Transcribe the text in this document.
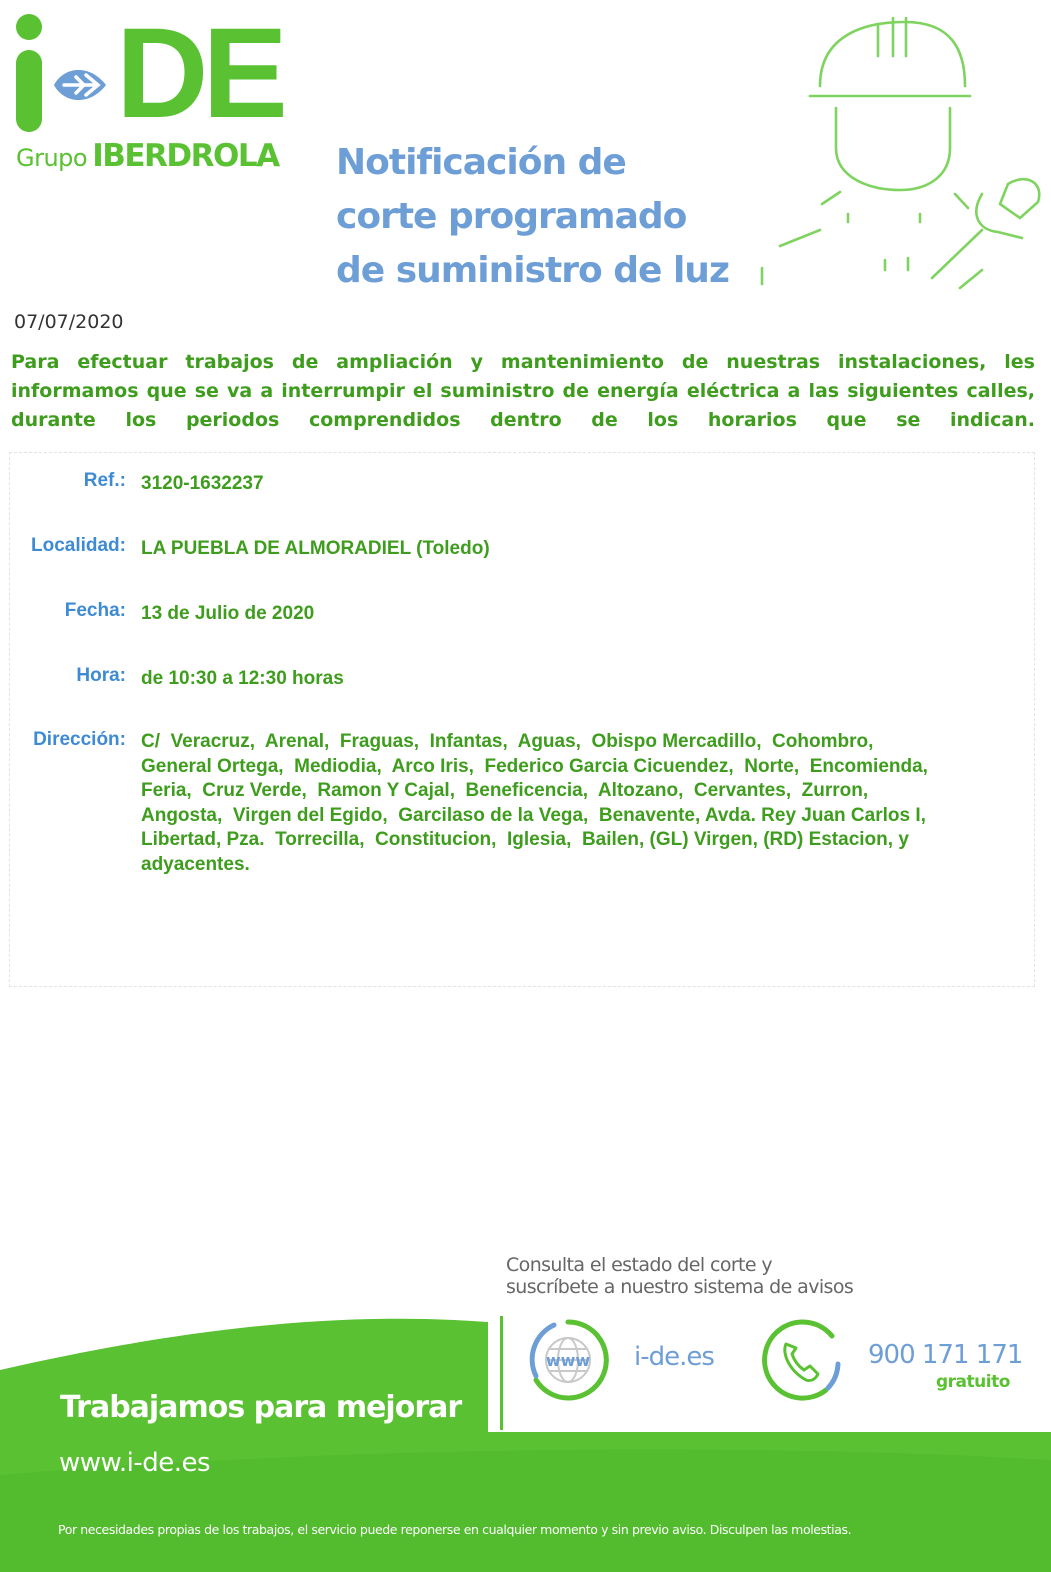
DE
Grupo IBERDROLA Notificación de
corte programado
de suministro de luz
07/07/2020

Para efectuar trabajos de ampliación y mantenimiento de nuestras instalaciones, les informamos que se va a interrumpir el suministro de energía eléctrica a las siguientes calles, durante los periodos comprendidos dentro de los horarios que se indican.

Ref.: 3120-1632237
Localidad: LA PUEBLA DE ALMORADIEL (Toledo)
Fecha: 13 de Julio de 2020
Hora: de 10:30 a 12:30 horas
Dirección: C/  Veracruz,  Arenal,  Fraguas,  Infantas,  Aguas,  Obispo Mercadillo,  Cohombro,
General Ortega,  Mediodia,  Arco Iris,  Federico Garcia Cicuendez,  Norte,  Encomienda,
Feria,  Cruz Verde,  Ramon Y Cajal,  Beneficencia,  Altozano,  Cervantes,  Zurron,
Angosta,  Virgen del Egido,  Garcilaso de la Vega,  Benavente, Avda. Rey Juan Carlos I,
Libertad, Pza.  Torrecilla,  Constitucion,  Iglesia,  Bailen, (GL) Virgen, (RD) Estacion, y
adyacentes.
Consulta el estado del corte y
suscríbete a nuestro sistema de avisos
www i-de.es	900 171 171
gratuito
Trabajamos para mejorar
www.i-de.es
Por necesidades propias de los trabajos, el servicio puede reponerse en cualquier momento y sin previo aviso. Disculpen las molestias.
